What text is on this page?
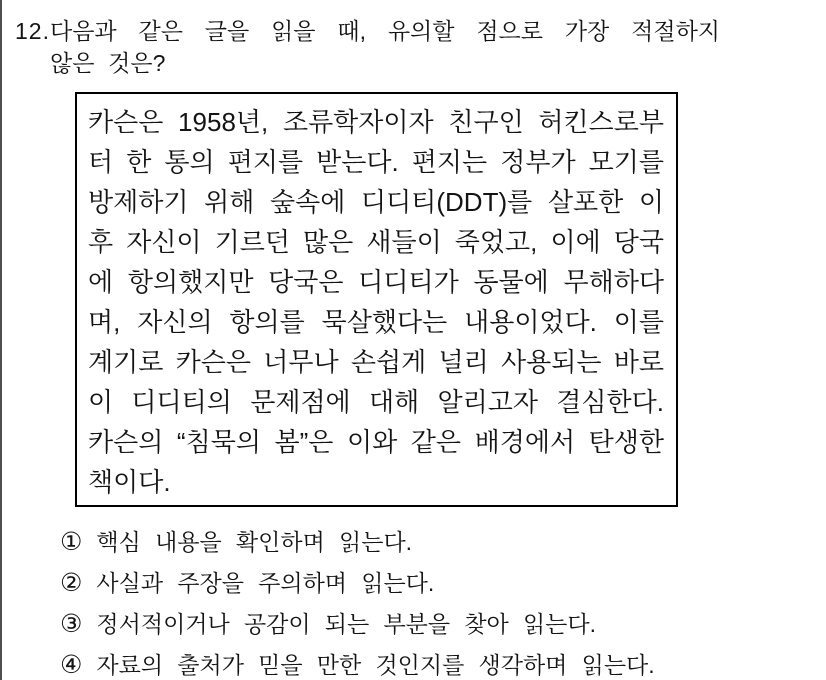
12. 다음과 같은 글을 읽을 때, 유의할 점으로 가장 적절하지
않은 것은?
카슨은 1958년, 조류학자이자 친구인 허킨스로부
터 한 통의 편지를 받는다. 편지는 정부가 모기를
방제하기 위해 숲속에 디디티(DDT)를 살포한 이
후 자신이 기르던 많은 새들이 죽었고, 이에 당국
에 항의했지만 당국은 디디티가 동물에 무해하다
며, 자신의 항의를 묵살했다는 내용이었다. 이를
계기로 카슨은 너무나 손쉽게 널리 사용되는 바로
이 디디티의 문제점에 대해 알리고자 결심한다.
카슨의 “침묵의 봄”은 이와 같은 배경에서 탄생한
책이다.
① 핵심 내용을 확인하며 읽는다.
② 사실과 주장을 주의하며 읽는다.
③ 정서적이거나 공감이 되는 부분을 찾아 읽는다.
④ 자료의 출처가 믿을 만한 것인지를 생각하며 읽는다.
